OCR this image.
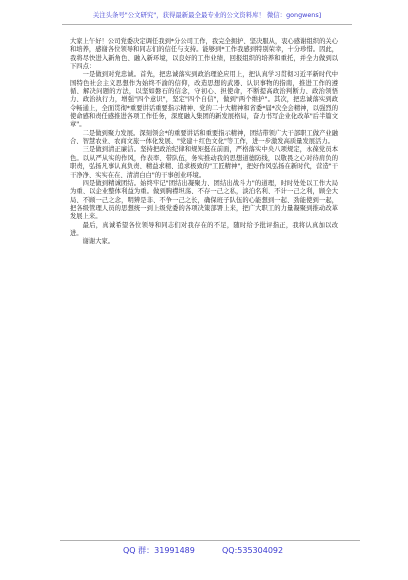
关注头条号"公文研究"，获得最新最全最专业的公文资料库！ 微信：gongwens]

大家上午好！公司党委决定调任我到*分公司工作，我完全拥护、坚决服从，衷心感谢组织的关心和培养，感谢各位领导和同志们的信任与支持。能够到*工作我感到特别荣幸，十分珍惜。因此，我将尽快进入新角色、融入新环境，以良好的工作业绩，回报组织的培养和重托，并全力做到以下四点：

一是做到对党忠诚。首先，把忠诚落实到政治理论应用上，把认真学习贯彻习近平新时代中国特色社会主义思想作为始终不渝的信仰，改造思想的武器、认识事物的指南，推进工作的遵循、解决问题的方法，以坚如磐石的信念，守初心、担使命，不断提高政治判断力、政治领悟力、政治执行力，增强"四个意识"，坚定"四个自信"，做到"两个维护"。其次，把忠诚落实到政令畅通上，全面贯彻*重要讲话重要指示精神、党的二十大精神和省委*届*次全会精神，以强烈的使命感和责任感推进各项工作任务，深度融入集团的新发展格局，奋力书写企业化改革"后半篇文章"。

二是做到聚力发展。深刻领会*的重要讲话和重要指示精神，团结带领广大干部职工做产业融合、智慧农业、农商文旅一体化发展、"党建＋红色文化"等工作，进一步激发高质量发展活力。

三是做到清正廉洁。坚持把政治纪律和规矩挺在前面，严格落实中央八项规定，永葆党员本色。以从严从实的作风，作表率、带队伍，务实推动我的思想道德防线，以敬畏之心对待肩负的职责，弘扬凡事认真负责、精益求精、追求极致的"工匠精神"，把好作风弘扬在新时代，营造"干干净净、实实在在、清清白白"的干事创业环境。

四是做到精诚团结。始终牢记"团结出凝聚力、团结出战斗力"的道理，时时处处以工作大局为重、以企业整体利益为重。做到胸襟坦荡、不存一己之私，淡泊名利、不计一己之利，顾全大局、不顾一己之念，明辨是非、不争一己之长，确保班子队伍的心能想到一起、劲能使到一起，把各级管理人员的思想统一到上级党委的各项决策部署上来，把广大职工的力量凝聚到推动改革发展上来。

最后，真诚希望各位领导和同志们对我存在的不足，随时给予批评指正，我将认真加以改进。

谢谢大家。

QQ 群：31991489	QQ:535304092
